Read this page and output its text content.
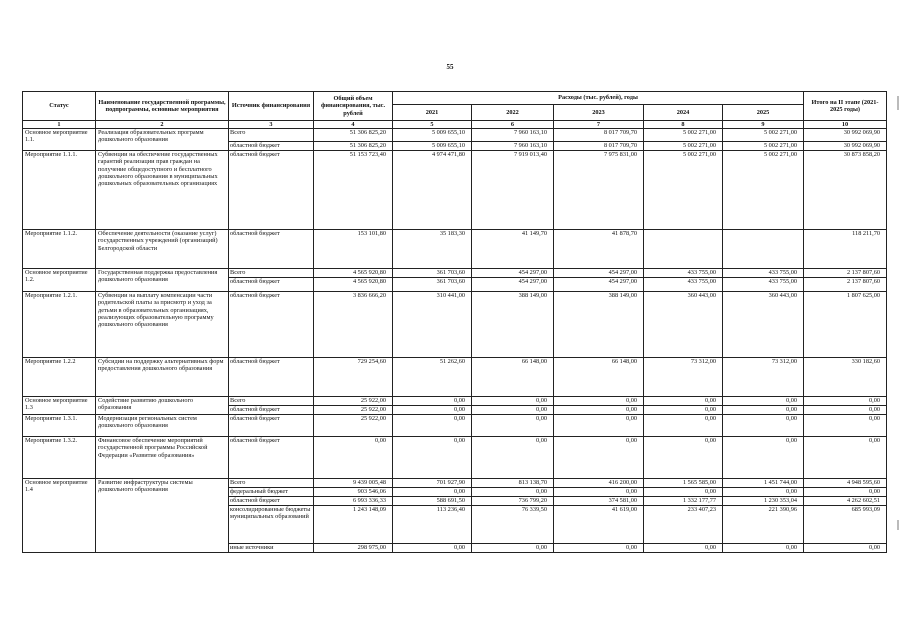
55
Статус	Наименование государственной программы, подпрограммы, основные мероприятия	Источник финансирования	Общий объем финансирования, тыс. рублей	Расходы (тыс. рублей), годы					Итого на II этапе (2021-2025 годы)
				2021	2022	2023	2024	2025	
1	2	3	4	5	6	7	8	9	10
Основное мероприятие 1.1.	Реализация образовательных программ дошкольного образования	Всего	51 306 825,20	5 009 655,10	7 960 163,10	8 017 709,70	5 002 271,00	5 002 271,00	30 992 069,90
		областной бюджет	51 306 825,20	5 009 655,10	7 960 163,10	8 017 709,70	5 002 271,00	5 002 271,00	30 992 069,90
Мероприятие 1.1.1.	Субвенции на обеспечение государственных гарантий реализации прав граждан на получение общедоступного и бесплатного дошкольного образования в муниципальных дошкольных образовательных организациях	областной бюджет	51 153 723,40	4 974 471,80	7 919 013,40	7 975 831,00	5 002 271,00	5 002 271,00	30 873 858,20
Мероприятие 1.1.2.	Обеспечение деятельности (оказание услуг) государственных учреждений (организаций) Белгородской области	областной бюджет	153 101,80	35 183,30	41 149,70	41 878,70			118 211,70
Основное мероприятие 1.2.	Государственная поддержка предоставления дошкольного образования	Всего	4 565 920,80	361 703,60	454 297,00	454 297,00	433 755,00	433 755,00	2 137 807,60
		областной бюджет	4 565 920,80	361 703,60	454 297,00	454 297,00	433 755,00	433 755,00	2 137 807,60
Мероприятие 1.2.1.	Субвенции на выплату компенсации части родительской платы за присмотр и уход за детьми в образовательных организациях, реализующих образовательную программу дошкольного образования	областной бюджет	3 836 666,20	310 441,00	388 149,00	388 149,00	360 443,00	360 443,00	1 807 625,00
Мероприятие 1.2.2	Субсидии на поддержку альтернативных форм предоставления дошкольного образования	областной бюджет	729 254,60	51 262,60	66 148,00	66 148,00	73 312,00	73 312,00	330 182,60
Основное мероприятие 1.3	Содействие развитию дошкольного образования	Всего	25 922,00	0,00	0,00	0,00	0,00	0,00	0,00
		областной бюджет	25 922,00	0,00	0,00	0,00	0,00	0,00	0,00
Мероприятие 1.3.1.	Модернизация региональных систем дошкольного образования	областной бюджет	25 922,00	0,00	0,00	0,00	0,00	0,00	0,00
Мероприятие 1.3.2.	Финансовое обеспечение мероприятий государственной программы Российской Федерации «Развитие образования»	областной бюджет	0,00	0,00	0,00	0,00	0,00	0,00	0,00
Основное мероприятие 1.4	Развитие инфраструктуры системы дошкольного образования	Всего	9 439 005,48	701 927,90	813 138,70	416 200,00	1 565 585,00	1 451 744,00	4 948 595,60
		федеральный бюджет	903 546,06	0,00	0,00	0,00	0,00	0,00	0,00
		областной бюджет	6 993 336,33	588 691,50	736 799,20	374 581,00	1 332 177,77	1 230 353,04	4 262 602,51
		консолидированные бюджеты муниципальных образований	1 243 148,09	113 236,40	76 339,50	41 619,00	233 407,23	221 390,96	685 993,09
		иные источники	298 975,00	0,00	0,00	0,00	0,00	0,00	0,00
